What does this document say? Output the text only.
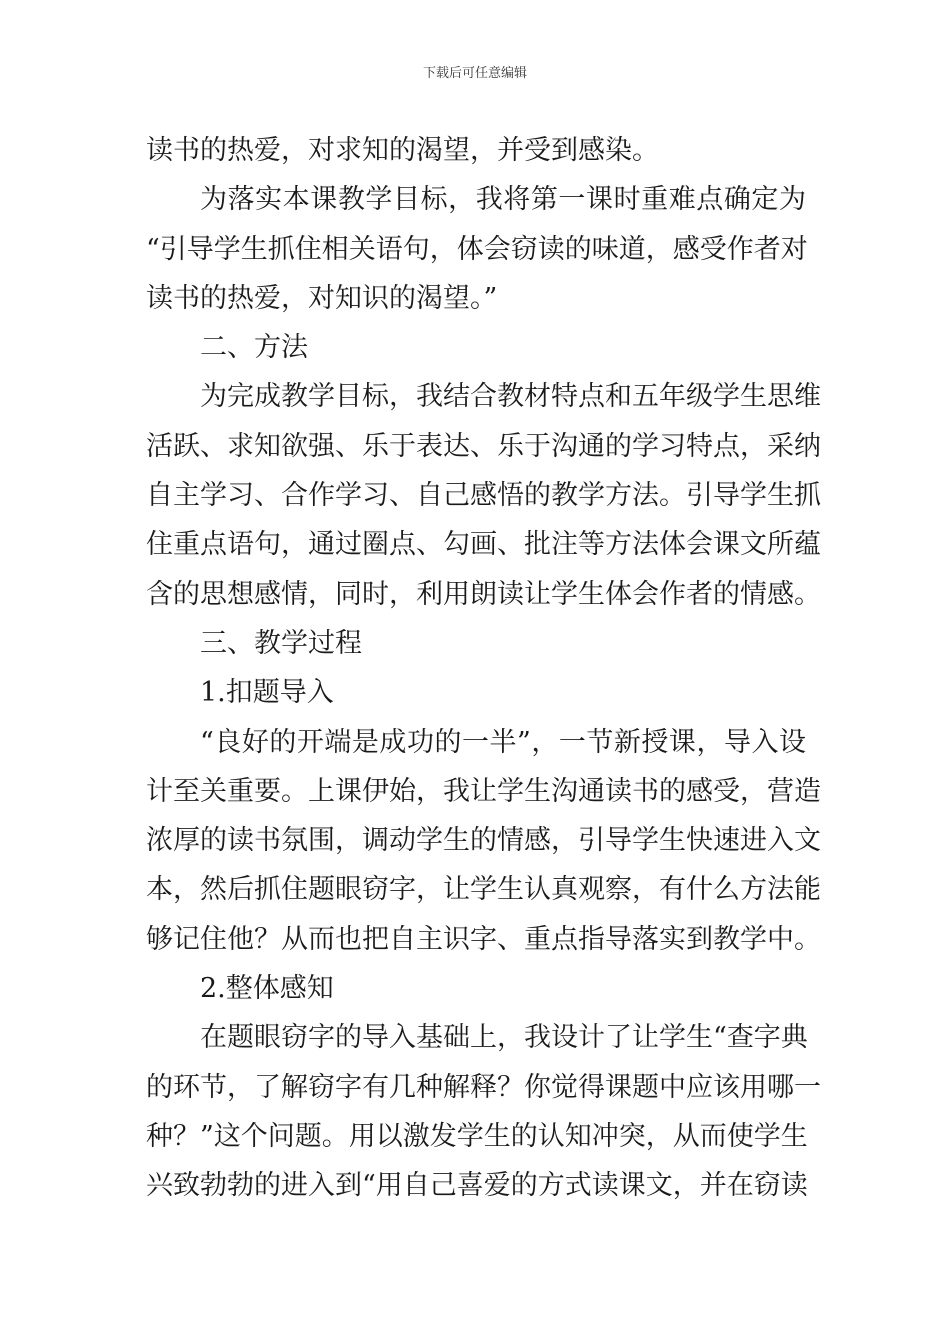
下载后可任意编辑
读书的热爱，对求知的渴望，并受到感染。
为落实本课教学目标，我将第一课时重难点确定为
“引导学生抓住相关语句，体会窃读的味道，感受作者对
读书的热爱，对知识的渴望。”
二、方法
为完成教学目标，我结合教材特点和五年级学生思维
活跃、求知欲强、乐于表达、乐于沟通的学习特点，采纳
自主学习、合作学习、自己感悟的教学方法。引导学生抓
住重点语句，通过圈点、勾画、批注等方法体会课文所蕴
含的思想感情，同时，利用朗读让学生体会作者的情感。
三、教学过程
1.扣题导入
“良好的开端是成功的一半”，一节新授课，导入设
计至关重要。上课伊始，我让学生沟通读书的感受，营造
浓厚的读书氛围，调动学生的情感，引导学生快速进入文
本，然后抓住题眼窃字，让学生认真观察，有什么方法能
够记住他？从而也把自主识字、重点指导落实到教学中。
2.整体感知
在题眼窃字的导入基础上，我设计了让学生“查字典
的环节，了解窃字有几种解释？你觉得课题中应该用哪一
种？”这个问题。用以激发学生的认知冲突，从而使学生
兴致勃勃的进入到“用自己喜爱的方式读课文，并在窃读
